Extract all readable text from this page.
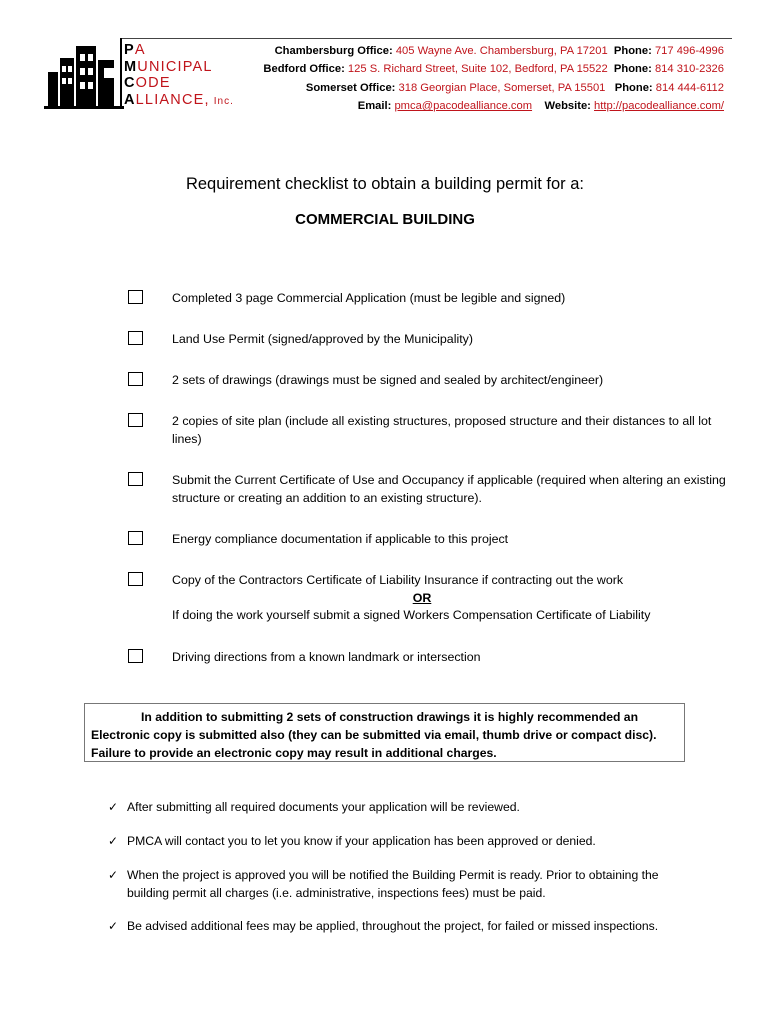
PA
MUNICIPAL
CODE
ALLIANCE, Inc.
Chambersburg Office: 405 Wayne Ave. Chambersburg, PA 17201 Phone: 717 496-4996
Bedford Office: 125 S. Richard Street, Suite 102, Bedford, PA 15522 Phone: 814 310-2326
Somerset Office: 318 Georgian Place, Somerset, PA 15501 Phone: 814 444-6112
Email: pmca@pacodealliance.com Website: http://pacodealliance.com/
Requirement checklist to obtain a building permit for a:
COMMERCIAL BUILDING
Completed 3 page Commercial Application (must be legible and signed)
Land Use Permit (signed/approved by the Municipality)
2 sets of drawings (drawings must be signed and sealed by architect/engineer)
2 copies of site plan (include all existing structures, proposed structure and their distances to all lot lines)
Submit the Current Certificate of Use and Occupancy if applicable (required when altering an existing structure or creating an addition to an existing structure).
Energy compliance documentation if applicable to this project
Copy of the Contractors Certificate of Liability Insurance if contracting out the work
OR
If doing the work yourself submit a signed Workers Compensation Certificate of Liability
Driving directions from a known landmark or intersection
In addition to submitting 2 sets of construction drawings it is highly recommended an
Electronic copy is submitted also (they can be submitted via email, thumb drive or compact disc).
Failure to provide an electronic copy may result in additional charges.
✓ After submitting all required documents your application will be reviewed.
✓ PMCA will contact you to let you know if your application has been approved or denied.
✓ When the project is approved you will be notified the Building Permit is ready. Prior to obtaining the building permit all charges (i.e. administrative, inspections fees) must be paid.
✓ Be advised additional fees may be applied, throughout the project, for failed or missed inspections.
